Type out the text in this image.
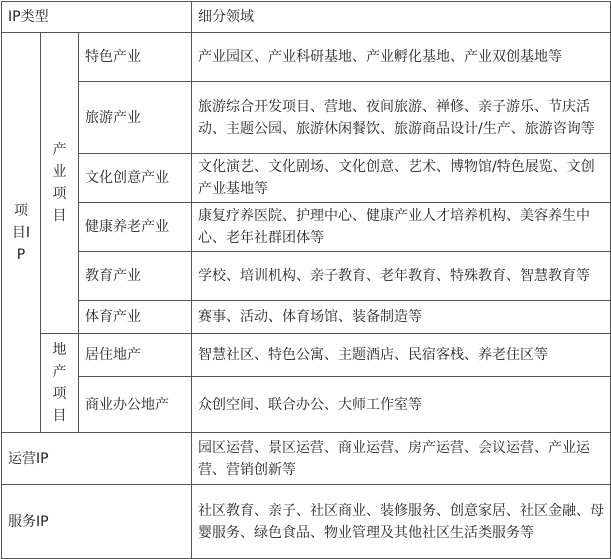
IP类型			细分领域
项目IP	产业项目	特色产业	产业园区、产业科研基地、产业孵化基地、产业双创基地等
		旅游产业	旅游综合开发项目、营地、夜间旅游、禅修、亲子游乐、节庆活动、主题公园、旅游休闲餐饮、旅游商品设计/生产、旅游咨询等
		文化创意产业	文化演艺、文化剧场、文化创意、艺术、博物馆/特色展览、文创产业基地等
		健康养老产业	康复疗养医院、护理中心、健康产业人才培养机构、美容养生中心、老年社群团体等
		教育产业	学校、培训机构、亲子教育、老年教育、特殊教育、智慧教育等
		体育产业	赛事、活动、体育场馆、装备制造等
	地产项目	居住地产	智慧社区、特色公寓、主题酒店、民宿客栈、养老住区等
		商业办公地产	众创空间、联合办公、大师工作室等
运营IP			园区运营、景区运营、商业运营、房产运营、会议运营、产业运营、营销创新等
服务IP			社区教育、亲子、社区商业、装修服务、创意家居、社区金融、母婴服务、绿色食品、物业管理及其他社区生活类服务等
